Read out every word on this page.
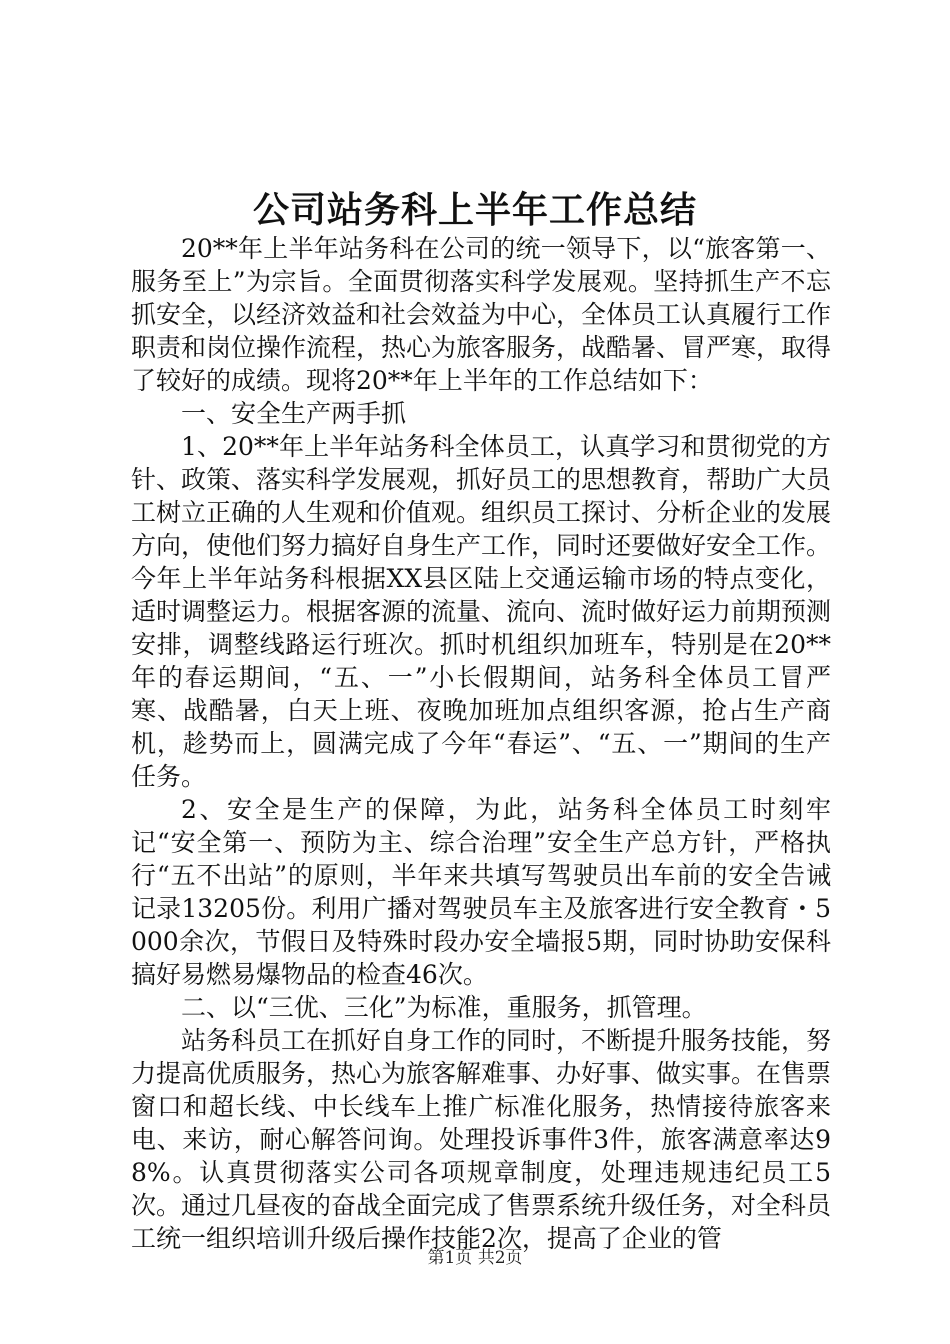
公司站务科上半年工作总结

20**年上半年站务科在公司的统一领导下，以“旅客第一、服务至上”为宗旨。全面贯彻落实科学发展观。坚持抓生产不忘抓安全，以经济效益和社会效益为中心，全体员工认真履行工作职责和岗位操作流程，热心为旅客服务，战酷暑、冒严寒，取得了较好的成绩。现将20**年上半年的工作总结如下：

一、安全生产两手抓

1、20**年上半年站务科全体员工，认真学习和贯彻党的方针、政策、落实科学发展观，抓好员工的思想教育，帮助广大员工树立正确的人生观和价值观。组织员工探讨、分析企业的发展方向，使他们努力搞好自身生产工作，同时还要做好安全工作。今年上半年站务科根据XX县区陆上交通运输市场的特点变化，适时调整运力。根据客源的流量、流向、流时做好运力前期预测安排，调整线路运行班次。抓时机组织加班车，特别是在20**年的春运期间，“五、一”小长假期间，站务科全体员工冒严寒、战酷暑，白天上班、夜晚加班加点组织客源，抢占生产商机，趁势而上，圆满完成了今年“春运”、“五、一”期间的生产任务。

2、安全是生产的保障，为此，站务科全体员工时刻牢记“安全第一、预防为主、综合治理”安全生产总方针，严格执行“五不出站”的原则，半年来共填写驾驶员出车前的安全告诫记录13205份。利用广播对驾驶员车主及旅客进行安全教育・5000余次，节假日及特殊时段办安全墙报5期，同时协助安保科搞好易燃易爆物品的检查46次。

二、以“三优、三化”为标准，重服务，抓管理。

站务科员工在抓好自身工作的同时，不断提升服务技能，努力提高优质服务，热心为旅客解难事、办好事、做实事。在售票窗口和超长线、中长线车上推广标准化服务，热情接待旅客来电、来访，耐心解答问询。处理投诉事件3件，旅客满意率达98%。认真贯彻落实公司各项规章制度，处理违规违纪员工5次。通过几昼夜的奋战全面完成了售票系统升级任务，对全科员工统一组织培训升级后操作技能2次，提高了企业的管

第1页 共2页
